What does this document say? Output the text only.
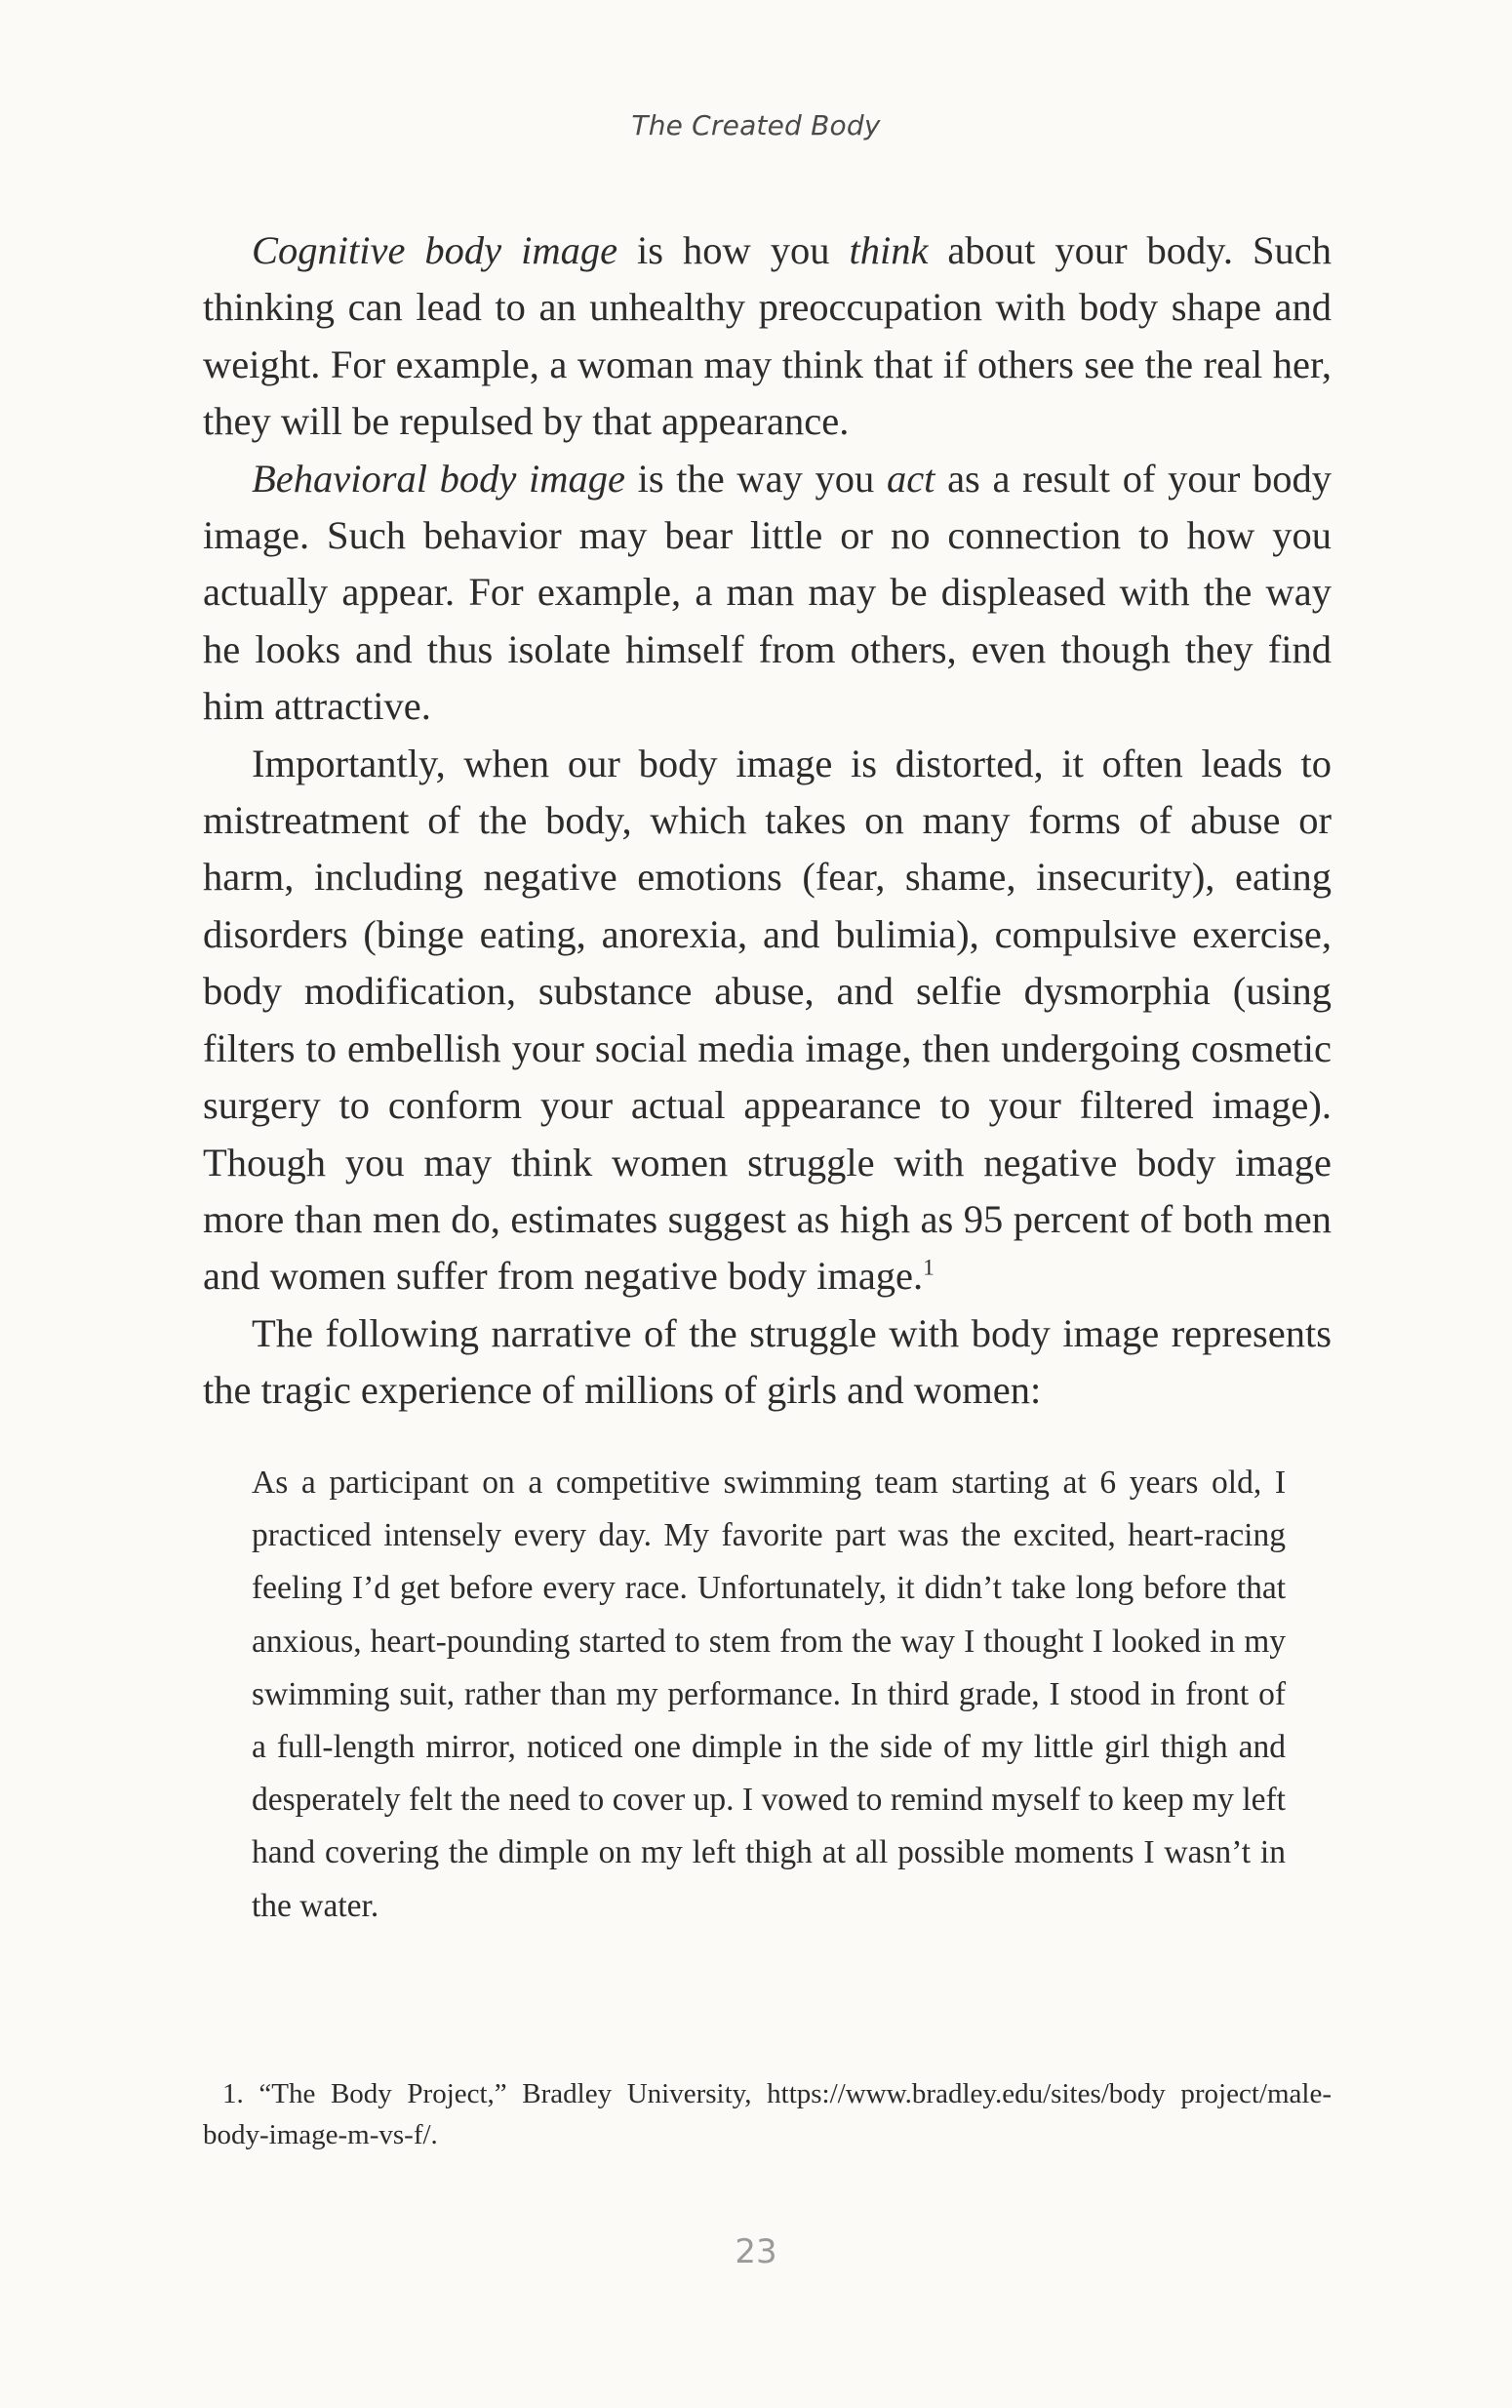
The Created Body

Cognitive body image is how you think about your body. Such thinking can lead to an unhealthy preoccupation with body shape and weight. For example, a woman may think that if others see the real her, they will be repulsed by that appearance.

Behavioral body image is the way you act as a result of your body image. Such behavior may bear little or no connection to how you actually appear. For example, a man may be displeased with the way he looks and thus isolate himself from others, even though they find him attractive.

Importantly, when our body image is distorted, it often leads to mistreatment of the body, which takes on many forms of abuse or harm, including negative emotions (fear, shame, insecurity), eating disorders (binge eating, anorexia, and bulimia), compulsive exercise, body modification, substance abuse, and selfie dysmorphia (using filters to embellish your social media image, then undergoing cosmetic surgery to conform your actual appearance to your filtered image). Though you may think women struggle with negative body image more than men do, estimates suggest as high as 95 percent of both men and women suffer from negative body image.$^1$

The following narrative of the struggle with body image represents the tragic experience of millions of girls and women:

As a participant on a competitive swimming team starting at 6 years old, I practiced intensely every day. My favorite part was the excited, heart-racing feeling I’d get before every race. Unfortunately, it didn’t take long before that anxious, heart-pounding started to stem from the way I thought I looked in my swimming suit, rather than my performance. In third grade, I stood in front of a full-length mirror, noticed one dimple in the side of my little girl thigh and desperately felt the need to cover up. I vowed to remind myself to keep my left hand covering the dimple on my left thigh at all possible moments I wasn’t in the water.
1. “The Body Project,” Bradley University, https://www.bradley.edu/sites/body project/male-body-image-m-vs-f/.
23
